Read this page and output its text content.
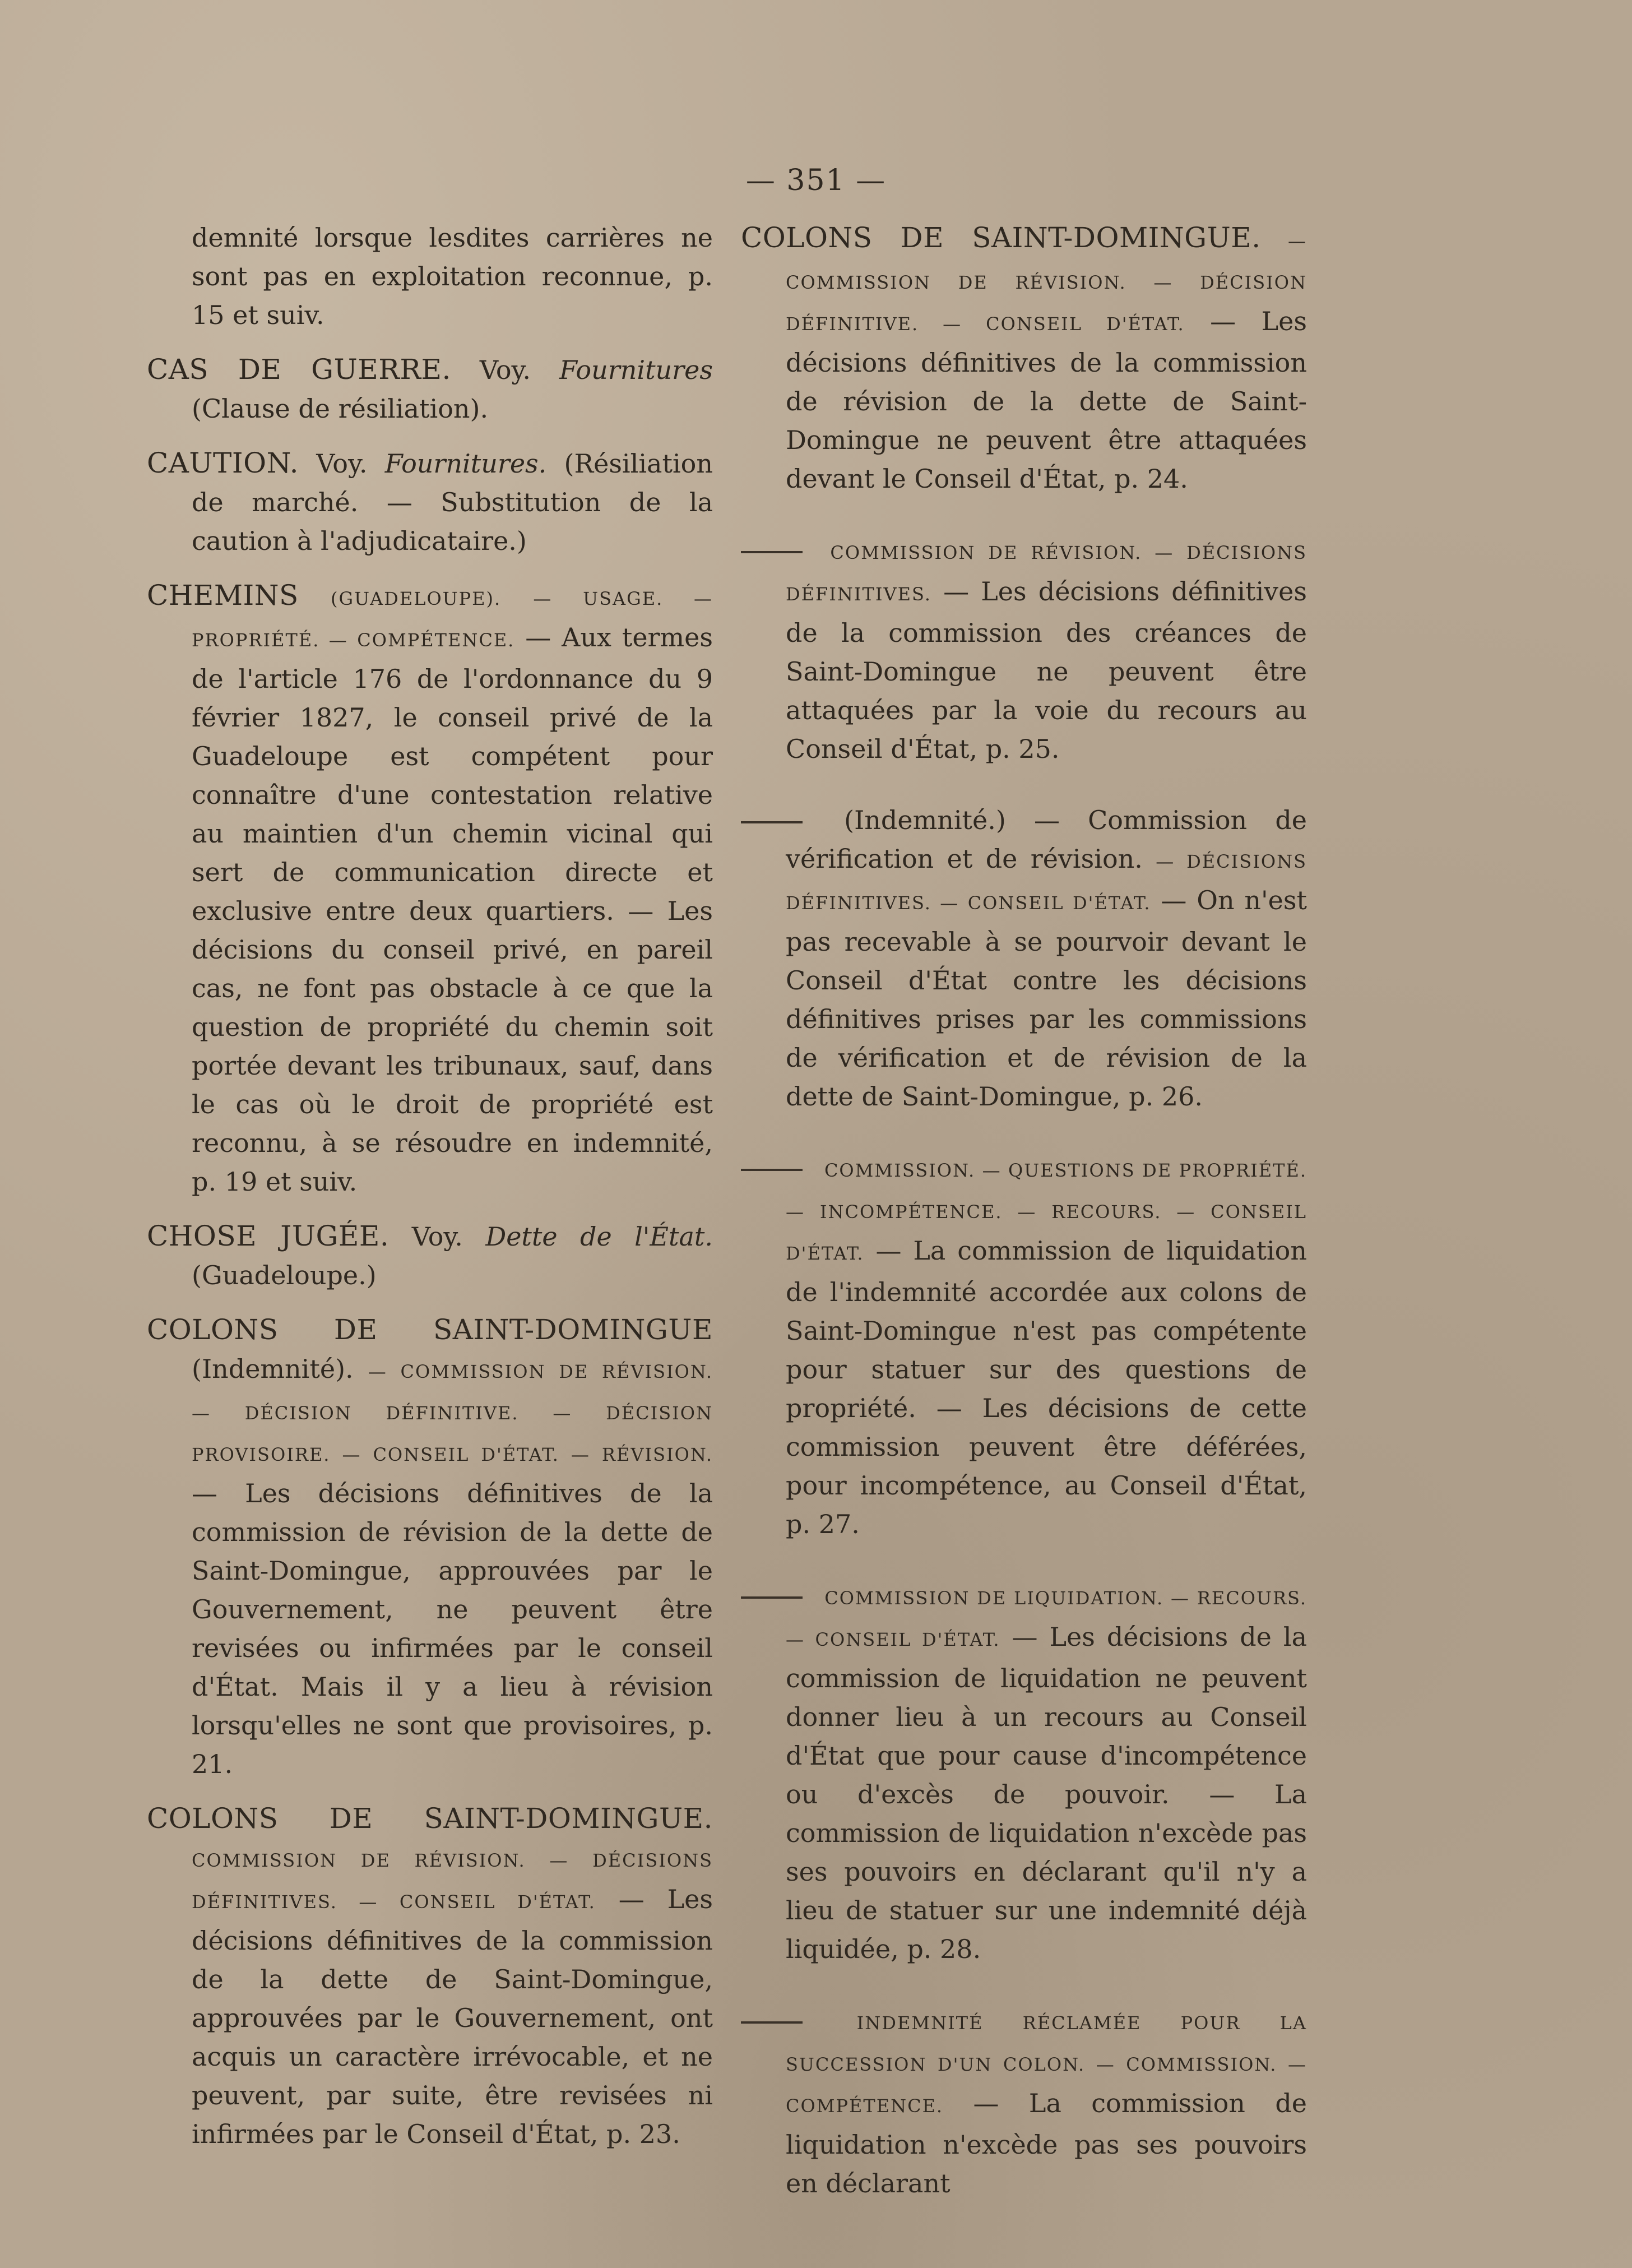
— 351 —

demnité lorsque lesdites carrières ne sont pas en exploitation reconnue, p. 15 et suiv.

CAS DE GUERRE. Voy. Fournitures (Clause de résiliation).

CAUTION. Voy. Fournitures. (Résiliation de marché. — Substitution de la caution à l'adjudicataire.)

CHEMINS (GUADELOUPE). — USAGE. — PROPRIÉTÉ. — COMPÉTENCE. — Aux termes de l'article 176 de l'ordonnance du 9 février 1827, le conseil privé de la Guadeloupe est compétent pour connaître d'une contestation relative au maintien d'un chemin vicinal qui sert de communication directe et exclusive entre deux quartiers. — Les décisions du conseil privé, en pareil cas, ne font pas obstacle à ce que la question de propriété du chemin soit portée devant les tribunaux, sauf, dans le cas où le droit de propriété est reconnu, à se résoudre en indemnité, p. 19 et suiv.

CHOSE JUGÉE. Voy. Dette de l'État. (Guadeloupe.)

COLONS DE SAINT-DOMINGUE (Indemnité). — COMMISSION DE RÉVISION. — DÉCISION DÉFINITIVE. — DÉCISION PROVISOIRE. — CONSEIL D'ÉTAT. — RÉVISION. — Les décisions définitives de la commission de révision de la dette de Saint-Domingue, approuvées par le Gouvernement, ne peuvent être revisées ou infirmées par le conseil d'État. Mais il y a lieu à révision lorsqu'elles ne sont que provisoires, p. 21.

COLONS DE SAINT-DOMINGUE. COMMISSION DE RÉVISION. — DÉCISIONS DÉFINITIVES. — CONSEIL D'ÉTAT. — Les décisions définitives de la commission de la dette de Saint-Domingue, approuvées par le Gouvernement, ont acquis un caractère irrévocable, et ne peuvent, par suite, être revisées ni infirmées par le Conseil d'État, p. 23.

COLONS DE SAINT-DOMINGUE. — COMMISSION DE RÉVISION. — DÉCISION DÉFINITIVE. — CONSEIL D'ÉTAT. — Les décisions définitives de la commission de révision de la dette de Saint-Domingue ne peuvent être attaquées devant le Conseil d'État, p. 24.

COMMISSION DE RÉVISION. — DÉCISIONS DÉFINITIVES. — Les décisions définitives de la commission des créances de Saint-Domingue ne peuvent être attaquées par la voie du recours au Conseil d'État, p. 25.

(Indemnité.) — Commission de vérification et de révision. — DÉCISIONS DÉFINITIVES. — CONSEIL D'ÉTAT. — On n'est pas recevable à se pourvoir devant le Conseil d'État contre les décisions définitives prises par les commissions de vérification et de révision de la dette de Saint-Domingue, p. 26.

COMMISSION. — QUESTIONS DE PROPRIÉTÉ. — INCOMPÉTENCE. — RECOURS. — CONSEIL D'ÉTAT. — La commission de liquidation de l'indemnité accordée aux colons de Saint-Domingue n'est pas compétente pour statuer sur des questions de propriété. — Les décisions de cette commission peuvent être déférées, pour incompétence, au Conseil d'État, p. 27.

COMMISSION DE LIQUIDATION. — RECOURS. — CONSEIL D'ÉTAT. — Les décisions de la commission de liquidation ne peuvent donner lieu à un recours au Conseil d'État que pour cause d'incompétence ou d'excès de pouvoir. — La commission de liquidation n'excède pas ses pouvoirs en déclarant qu'il n'y a lieu de statuer sur une indemnité déjà liquidée, p. 28.

INDEMNITÉ RÉCLAMÉE POUR LA SUCCESSION D'UN COLON. — COMMISSION. — COMPÉTENCE. — La commission de liquidation n'excède pas ses pouvoirs en déclarant
